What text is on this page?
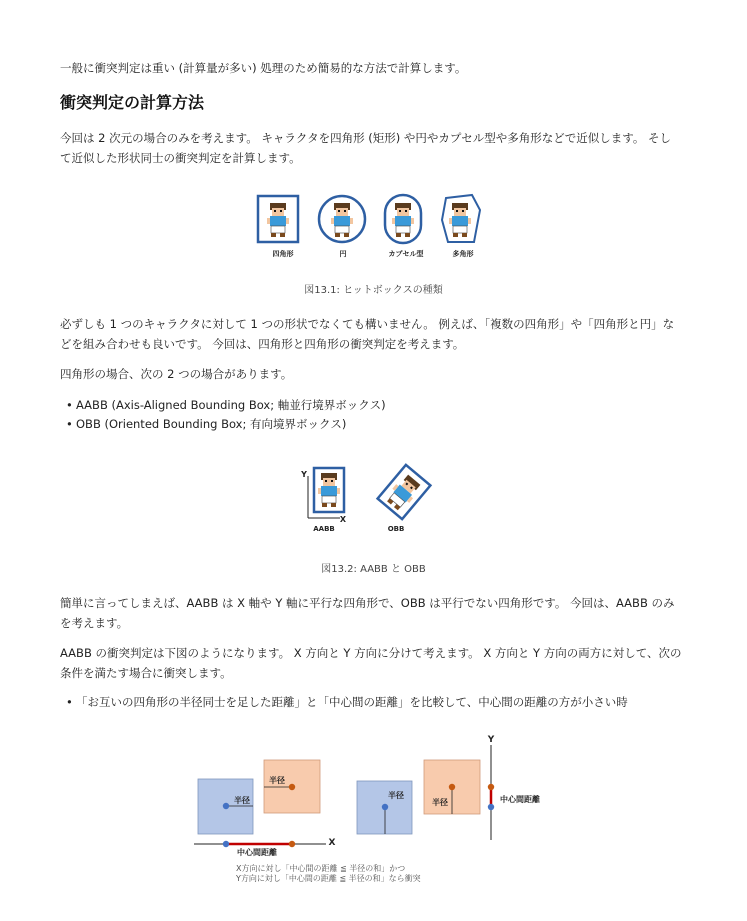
一般に衝突判定は重い (計算量が多い) 処理のため簡易的な方法で計算します。

衝突判定の計算方法

今回は 2 次元の場合のみを考えます。 キャラクタを四角形 (矩形) や円やカプセル型や多角形などで近似します。 そして近似した形状同士の衝突判定を計算します。

四角形	円	カプセル型	多角形
図13.1: ヒットボックスの種類

必ずしも 1 つのキャラクタに対して 1 つの形状でなくても構いません。 例えば、「複数の四角形」や「四角形と円」などを組み合わせも良いです。 今回は、四角形と四角形の衝突判定を考えます。

四角形の場合、次の 2 つの場合があります。

• AABB (Axis-Aligned Bounding Box; 軸並行境界ボックス)
• OBB (Oriented Bounding Box; 有向境界ボックス)
Y
X
AABB	OBB
図13.2: AABB と OBB

簡単に言ってしまえば、AABB は X 軸や Y 軸に平行な四角形で、OBB は平行でない四角形です。 今回は、AABB のみを考えます。

AABB の衝突判定は下図のようになります。 X 方向と Y 方向に分けて考えます。 X 方向と Y 方向の両方に対して、次の条件を満たす場合に衝突します。

• 「お互いの四角形の半径同士を足した距離」と「中心間の距離」を比較して、中心間の距離の方が小さい時
半径
半径
半径
半径
中心間距離
中心間距離
X
Y
X方向に対し「中心間の距離 ≦ 半径の和」かつ
Y方向に対し「中心間の距離 ≦ 半径の和」なら衝突
